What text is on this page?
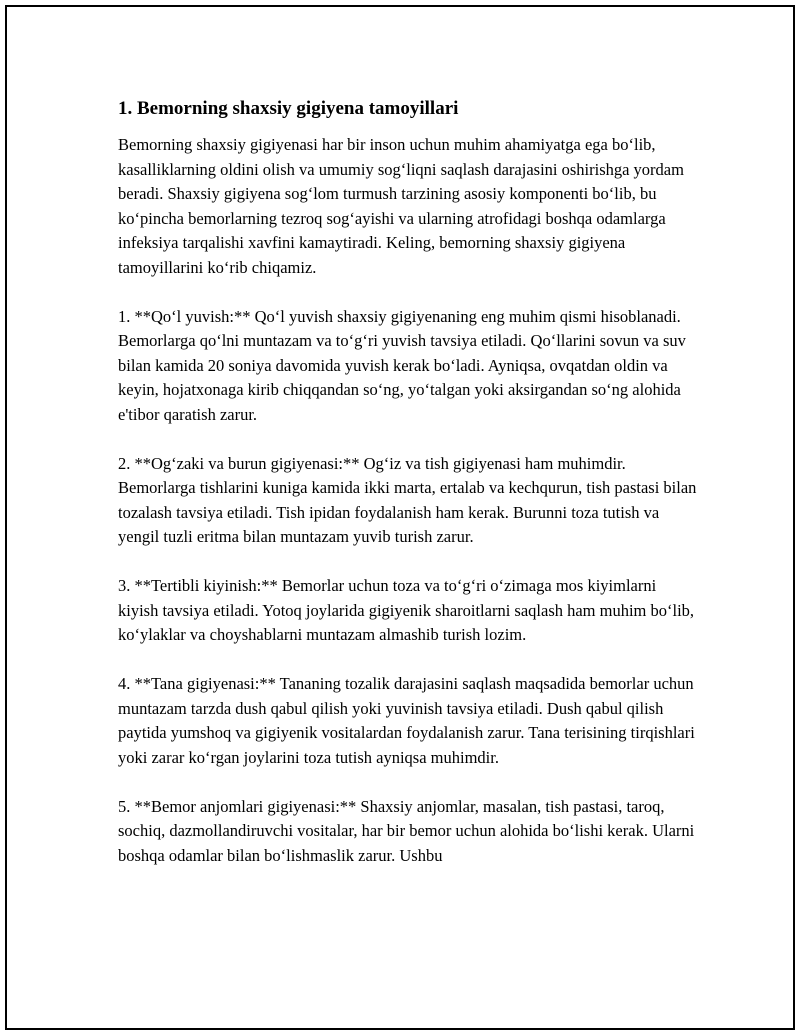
1. Bemorning shaxsiy gigiyena tamoyillari

Bemorning shaxsiy gigiyenasi har bir inson uchun muhim ahamiyatga ega bo‘lib, kasalliklarning oldini olish va umumiy sog‘liqni saqlash darajasini oshirishga yordam beradi. Shaxsiy gigiyena sog‘lom turmush tarzining asosiy komponenti bo‘lib, bu ko‘pincha bemorlarning tezroq sog‘ayishi va ularning atrofidagi boshqa odamlarga infeksiya tarqalishi xavfini kamaytiradi. Keling, bemorning shaxsiy gigiyena tamoyillarini ko‘rib chiqamiz.

1. **Qo‘l yuvish:** Qo‘l yuvish shaxsiy gigiyenaning eng muhim qismi hisoblanadi. Bemorlarga qo‘lni muntazam va to‘g‘ri yuvish tavsiya etiladi. Qo‘llarini sovun va suv bilan kamida 20 soniya davomida yuvish kerak bo‘ladi. Ayniqsa, ovqatdan oldin va keyin, hojatxonaga kirib chiqqandan so‘ng, yo‘talgan yoki aksirgandan so‘ng alohida e'tibor qaratish zarur.

2. **Og‘zaki va burun gigiyenasi:** Og‘iz va tish gigiyenasi ham muhimdir. Bemorlarga tishlarini kuniga kamida ikki marta, ertalab va kechqurun, tish pastasi bilan tozalash tavsiya etiladi. Tish ipidan foydalanish ham kerak. Burunni toza tutish va yengil tuzli eritma bilan muntazam yuvib turish zarur.

3. **Tertibli kiyinish:** Bemorlar uchun toza va to‘g‘ri o‘zimaga mos kiyimlarni kiyish tavsiya etiladi. Yotoq joylarida gigiyenik sharoitlarni saqlash ham muhim bo‘lib, ko‘ylaklar va choyshablarni muntazam almashib turish lozim.

4. **Tana gigiyenasi:** Tananing tozalik darajasini saqlash maqsadida bemorlar uchun muntazam tarzda dush qabul qilish yoki yuvinish tavsiya etiladi. Dush qabul qilish paytida yumshoq va gigiyenik vositalardan foydalanish zarur. Tana terisining tirqishlari yoki zarar ko‘rgan joylarini toza tutish ayniqsa muhimdir.

5. **Bemor anjomlari gigiyenasi:** Shaxsiy anjomlar, masalan, tish pastasi, taroq, sochiq, dazmollandiruvchi vositalar, har bir bemor uchun alohida bo‘lishi kerak. Ularni boshqa odamlar bilan bo‘lishmaslik zarur. Ushbu
